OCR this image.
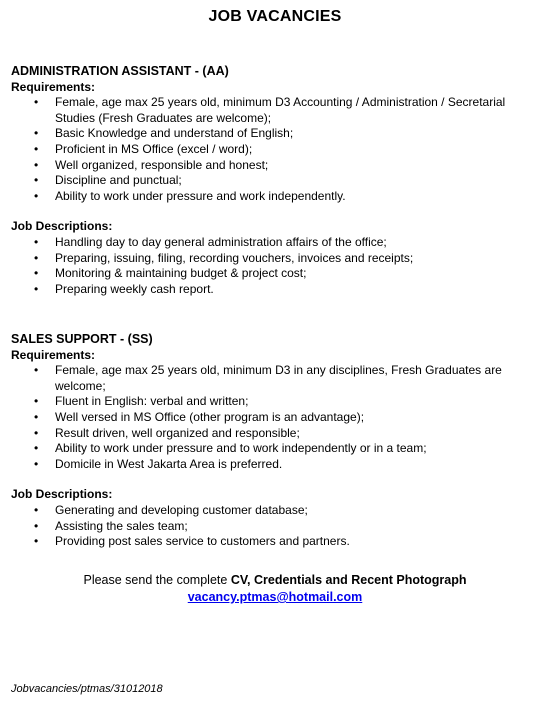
JOB VACANCIES
ADMINISTRATION ASSISTANT - (AA)
Requirements:
• Female, age max 25 years old, minimum D3 Accounting / Administration / Secretarial Studies (Fresh Graduates are welcome);
• Basic Knowledge and understand of English;
• Proficient in MS Office (excel / word);
• Well organized, responsible and honest;
• Discipline and punctual;
• Ability to work under pressure and work independently.
Job Descriptions:
• Handling day to day general administration affairs of the office;
• Preparing, issuing, filing, recording vouchers, invoices and receipts;
• Monitoring & maintaining budget & project cost;
• Preparing weekly cash report.
SALES SUPPORT - (SS)
Requirements:
• Female, age max 25 years old, minimum D3 in any disciplines, Fresh Graduates are welcome;
• Fluent in English: verbal and written;
• Well versed in MS Office (other program is an advantage);
• Result driven, well organized and responsible;
• Ability to work under pressure and to work independently or in a team;
• Domicile in West Jakarta Area is preferred.
Job Descriptions:
• Generating and developing customer database;
• Assisting the sales team;
• Providing post sales service to customers and partners.
Please send the complete CV, Credentials and Recent Photograph
vacancy.ptmas@hotmail.com
Jobvacancies/ptmas/31012018
